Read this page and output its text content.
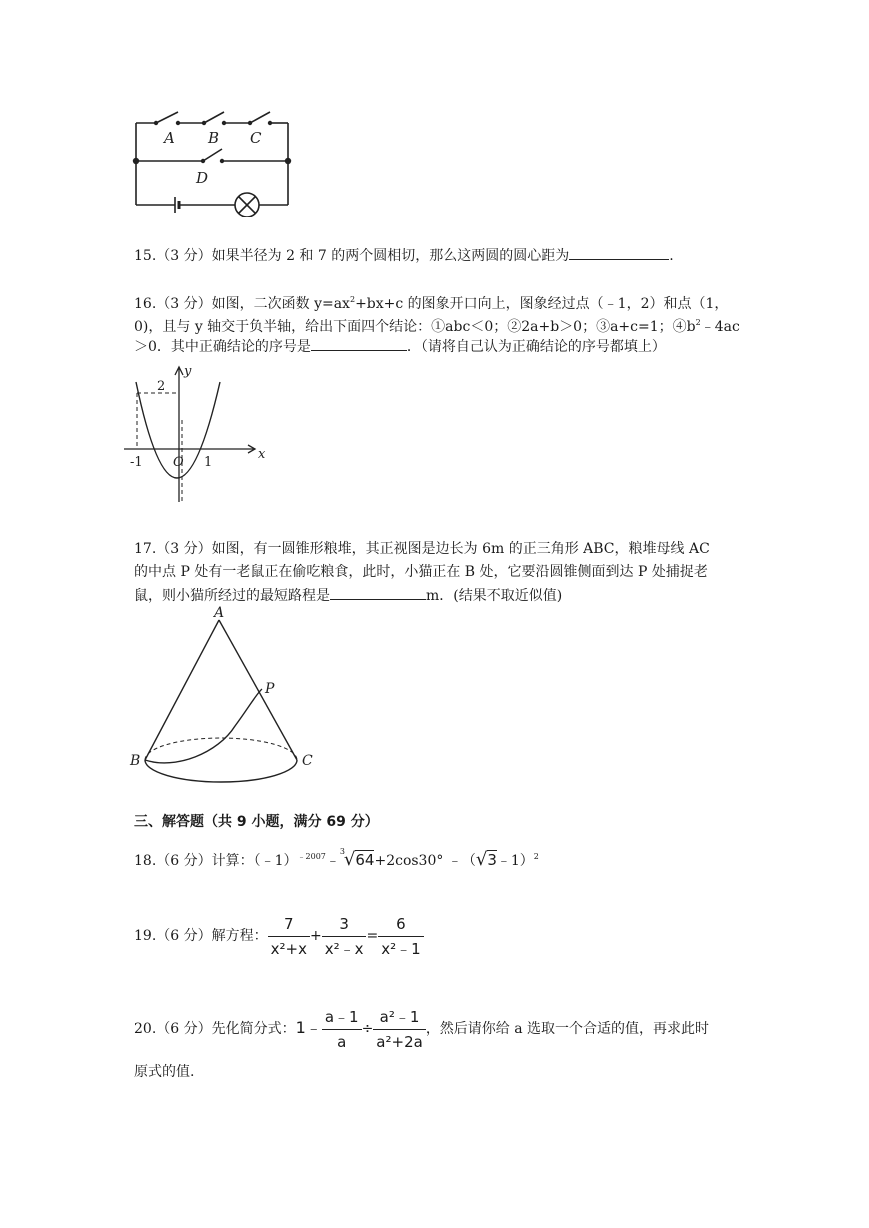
A B C
D
15.（3 分）如果半径为 2 和 7 的两个圆相切，那么这两圆的圆心距为	.
16.（3 分）如图，二次函数 $y=ax^2+bx+c$ 的图象开口向上，图象经过点（﹣1，2）和点（1，
0)，且与 y 轴交于负半轴，给出下面四个结论：①abc＜0；②2a+b＞0；③a+c=1；$④b^2﹣4ac$
＞0．其中正确结论的序号是	．（请将自己认为正确结论的序号都填上）
y
x
O
-1	1
2
17.（3 分）如图，有一圆锥形粮堆，其正视图是边长为 6m 的正三角形 ABC，粮堆母线 AC
的中点 P 处有一老鼠正在偷吃粮食，此时，小猫正在 B 处，它要沿圆锥侧面到达 P 处捕捉老
鼠，则小猫所经过的最短路程是	m．(结果不取近似值)
A
P
B	C
三、解答题（共 9 小题，满分 69 分）
18.（6 分）计算：（﹣1）$^{﹣2007}$﹣
3
√64+2cos30° ﹣（√3﹣1）$^2$
19.（6 分）解方程： $\frac{7}{\text{x²+x}} + \frac{3}{\text{x²﹣x}} = \frac{6}{\text{x²﹣1}}$
20.（6 分）先化简分式：1﹣ $\frac{a﹣1}{a} \div \frac{\text{a²﹣1}}{\text{a²+2a}}$ ，然后请你给 a 选取一个合适的值，再求此时
原式的值.
